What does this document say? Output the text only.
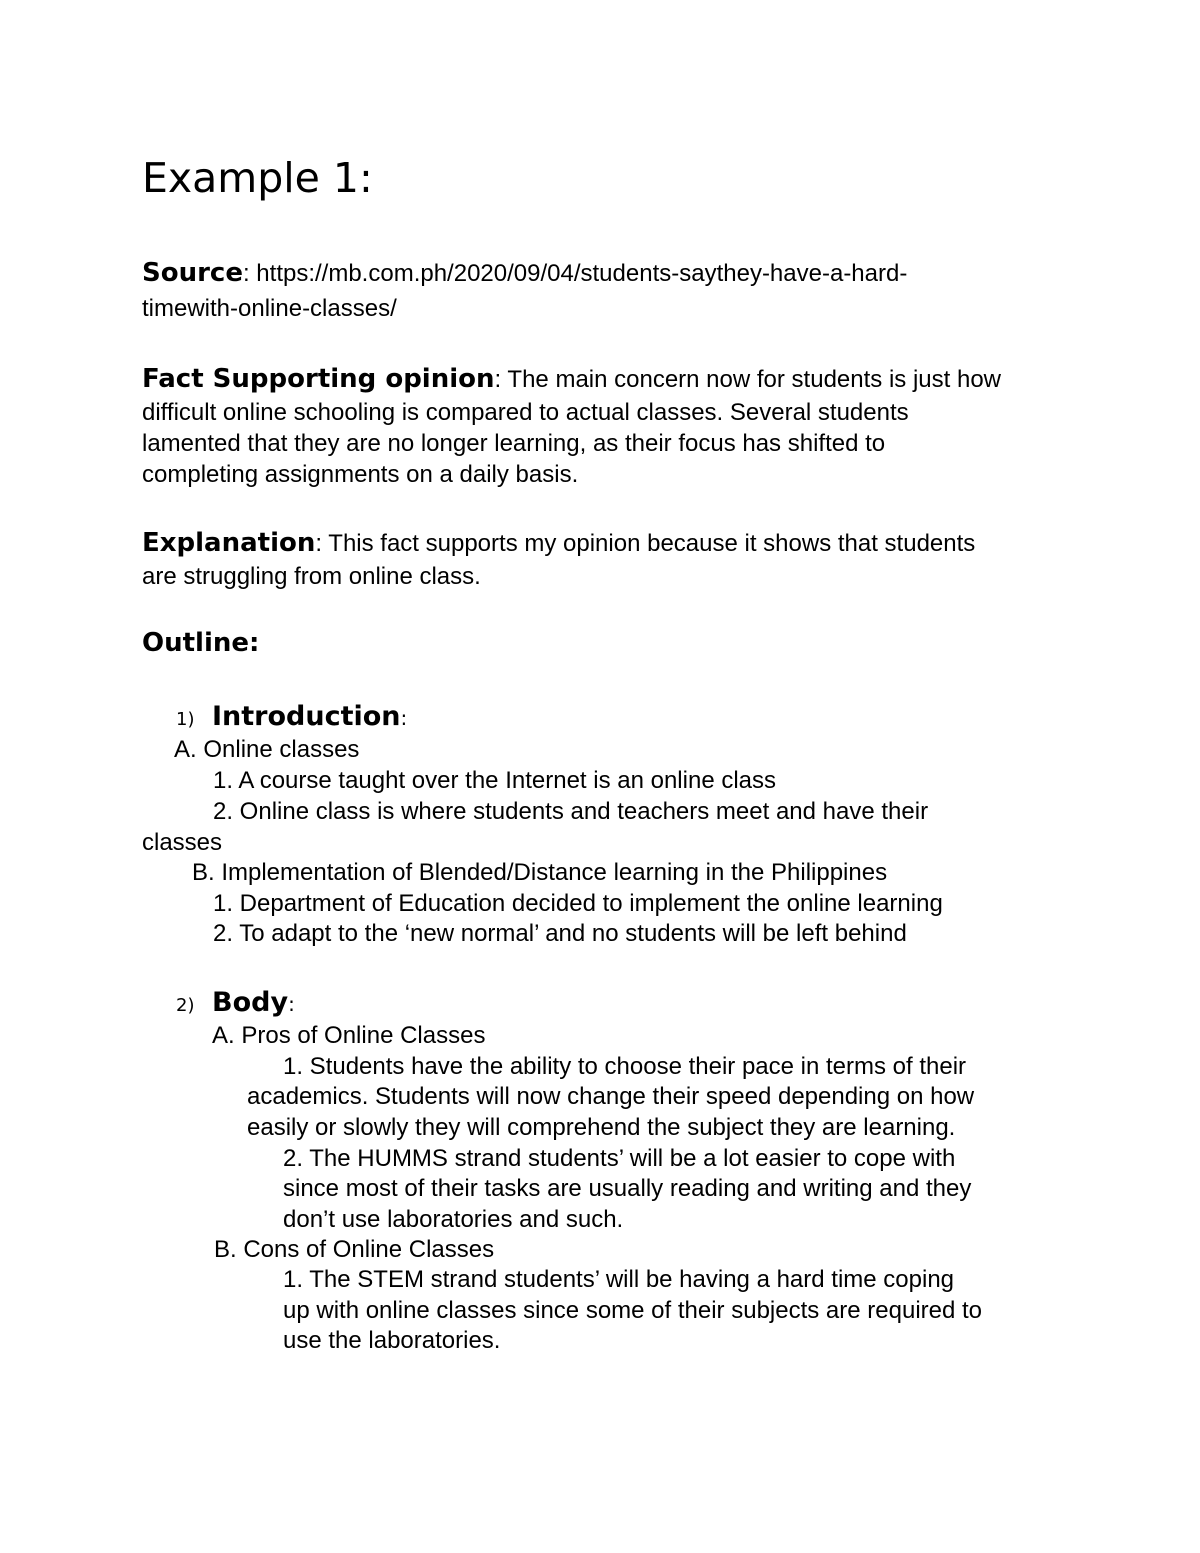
Example 1:
Source: https://mb.com.ph/2020/09/04/students-saythey-have-a-hard-
timewith-online-classes/
Fact Supporting opinion: The main concern now for students is just how
difficult online schooling is compared to actual classes. Several students
lamented that they are no longer learning, as their focus has shifted to
completing assignments on a daily basis.
Explanation: This fact supports my opinion because it shows that students
are struggling from online class.
Outline:
1) Introduction:
A. Online classes
1. A course taught over the Internet is an online class
2. Online class is where students and teachers meet and have their
classes
B. Implementation of Blended/Distance learning in the Philippines
1. Department of Education decided to implement the online learning
2. To adapt to the ‘new normal’ and no students will be left behind
2) Body:
A. Pros of Online Classes
1. Students have the ability to choose their pace in terms of their
academics. Students will now change their speed depending on how
easily or slowly they will comprehend the subject they are learning.
2. The HUMMS strand students’ will be a lot easier to cope with
since most of their tasks are usually reading and writing and they
don’t use laboratories and such.
B. Cons of Online Classes
1. The STEM strand students’ will be having a hard time coping
up with online classes since some of their subjects are required to
use the laboratories.
